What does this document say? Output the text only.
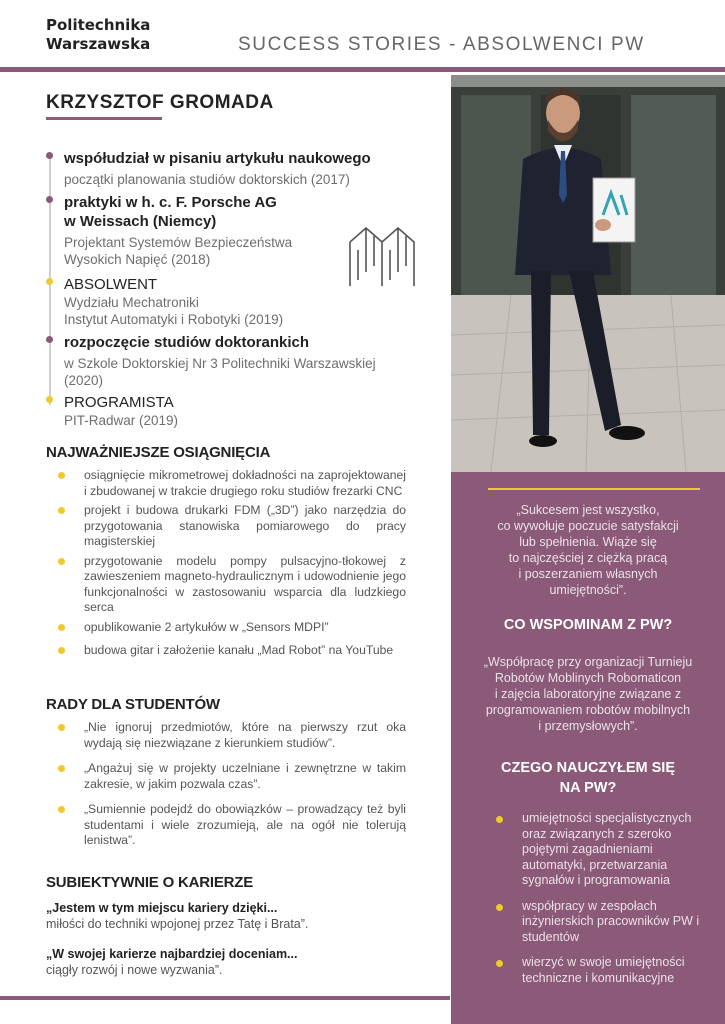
Politechnika
Warszawska	SUCCESS STORIES - ABSOLWENCI PW
KRZYSZTOF GROMADA
współudział w pisaniu artykułu naukowego
początki planowania studiów doktorskich (2017)
praktyki w h. c. F. Porsche AG
w Weissach (Niemcy)
Projektant Systemów Bezpieczeństwa
Wysokich Napięć (2018)
ABSOLWENT
Wydziału Mechatroniki
Instytut Automatyki i Robotyki (2019)
rozpoczęcie studiów doktorankich
w Szkole Doktorskiej Nr 3 Politechniki Warszawskiej
(2020)
PROGRAMISTA
PIT-Radwar (2019)
NAJWAŻNIEJSZE OSIĄGNIĘCIA
osiągnięcie mikrometrowej dokładności na zaprojektowanej i zbudowanej w trakcie drugiego roku studiów frezarki CNC
projekt i budowa drukarki FDM („3D”) jako narzędzia do przygotowania stanowiska pomiarowego do pracy magisterskiej
przygotowanie modelu pompy pulsacyjno-tłokowej z zawieszeniem magneto-hydraulicznym i udowodnienie jego funkcjonalności w zastosowaniu wsparcia dla ludzkiego serca
opublikowanie 2 artykułów w „Sensors MDPI”
budowa gitar i założenie kanału „Mad Robot” na YouTube
RADY DLA STUDENTÓW
„Nie ignoruj przedmiotów, które na pierwszy rzut oka wydają się niezwiązane z kierunkiem studiów”.
„Angażuj się w projekty uczelniane i zewnętrzne w takim zakresie, w jakim pozwala czas”.
„Sumiennie podejdź do obowiązków – prowadzący też byli studentami i wiele zrozumieją, ale na ogół nie tolerują lenistwa”.
SUBIEKTYWNIE O KARIERZE
„Jestem w tym miejscu kariery dzięki...
miłości do techniki wpojonej przez Tatę i Brata”.
„W swojej karierze najbardziej doceniam...
ciągły rozwój i nowe wyzwania”.
„Sukcesem jest wszystko,
co wywołuje poczucie satysfakcji
lub spełnienia. Wiąże się
to najczęściej z ciężką pracą
i poszerzaniem własnych
umiejętności”.
CO WSPOMINAM Z PW?
„Współpracę przy organizacji Turnieju
Robotów Moblinych Robomaticon
i zajęcia laboratoryjne związane z
programowaniem robotów mobilnych
i przemysłowych”.
CZEGO NAUCZYŁEM SIĘ
NA PW?
umiejętności specjalistycznych oraz związanych z szeroko pojętymi zagadnieniami automatyki, przetwarzania sygnałów i programowania
współpracy w zespołach inżynierskich pracowników PW i studentów
wierzyć w swoje umiejętności techniczne i komunikacyjne
